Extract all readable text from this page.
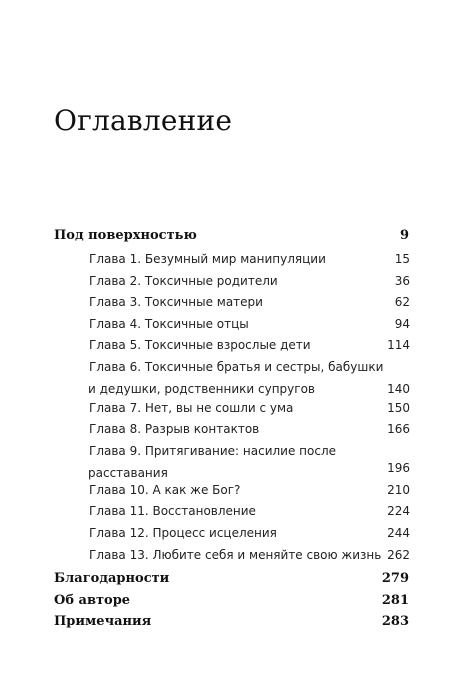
Оглавление
Под поверхностью	9
Глава 1. Безумный мир манипуляции	15
Глава 2. Токсичные родители	36
Глава 3. Токсичные матери	62
Глава 4. Токсичные отцы	94
Глава 5. Токсичные взрослые дети	114
Глава 6. Токсичные братья и сестры, бабушки
и дедушки, родственники супругов	140
Глава 7. Нет, вы не сошли с ума	150
Глава 8. Разрыв контактов	166
Глава 9. Притягивание: насилие после
расставания	196
Глава 10. А как же Бог?	210
Глава 11. Восстановление	224
Глава 12. Процесс исцеления	244
Глава 13. Любите себя и меняйте свою жизнь 262
Благодарности	279
Об авторе	281
Примечания	283
